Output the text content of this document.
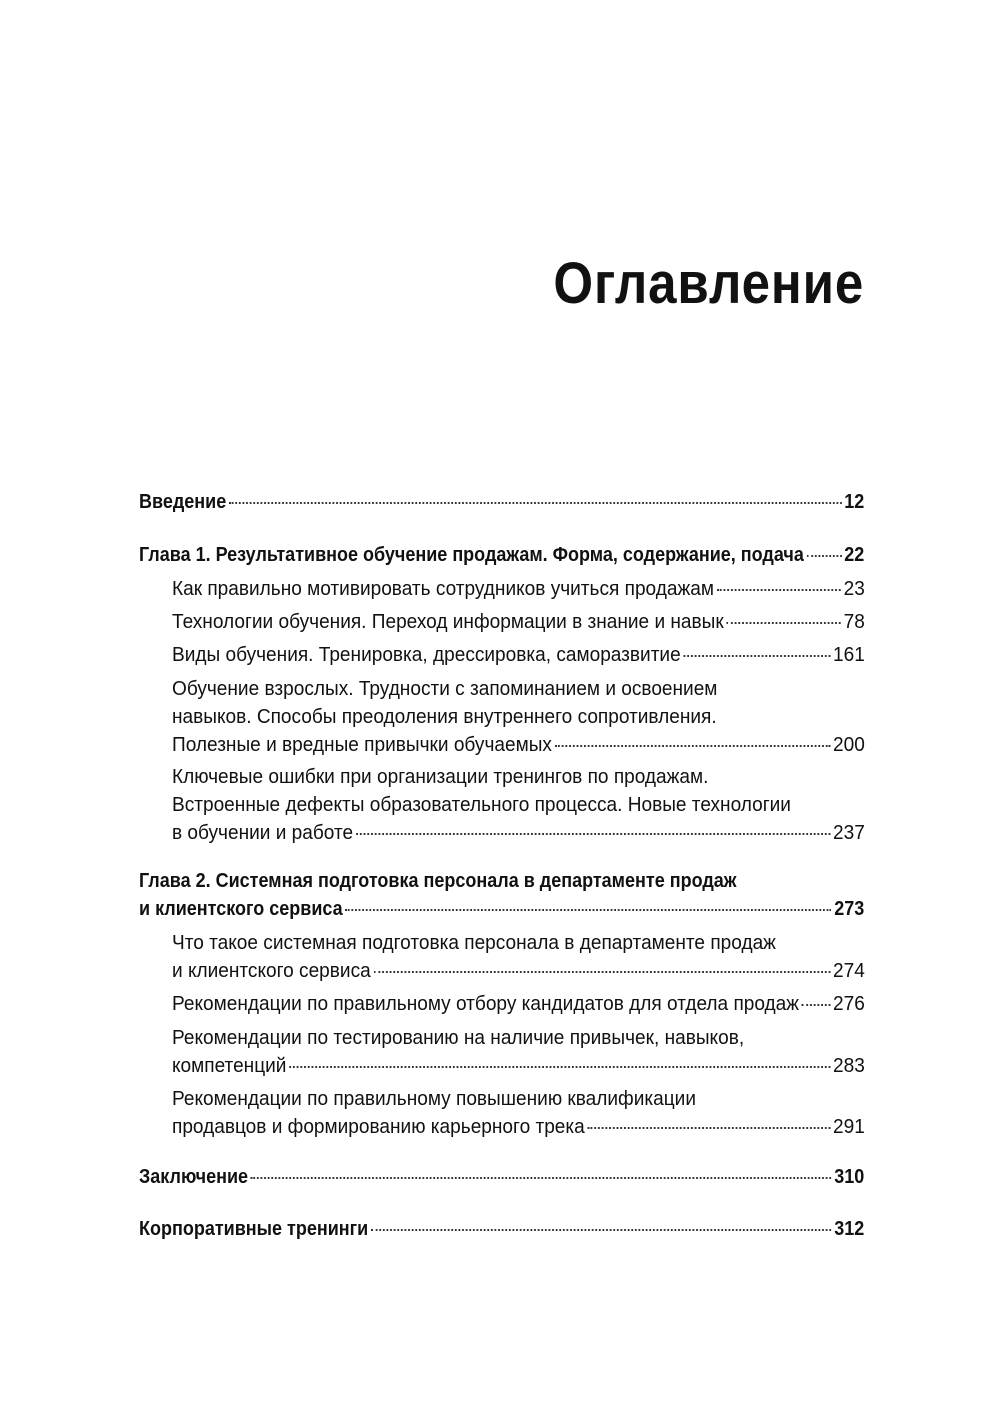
Оглавление
Введение	12
Глава 1. Результативное обучение продажам. Форма, содержание, подача 22
Как правильно мотивировать сотрудников учиться продажам	23
Технологии обучения. Переход информации в знание и навык	78
Виды обучения. Тренировка, дрессировка, саморазвитие	161
Обучение взрослых. Трудности с запоминанием и освоением
навыков. Способы преодоления внутреннего сопротивления.
Полезные и вредные привычки обучаемых	200
Ключевые ошибки при организации тренингов по продажам.
Встроенные дефекты образовательного процесса. Новые технологии
в обучении и работе	237
Глава 2. Системная подготовка персонала в департаменте продаж
и клиентского сервиса	273
Что такое системная подготовка персонала в департаменте продаж
и клиентского сервиса	274
Рекомендации по правильному отбору кандидатов для отдела продаж 276
Рекомендации по тестированию на наличие привычек, навыков,
компетенций	283
Рекомендации по правильному повышению квалификации
продавцов и формированию карьерного трека	291
Заключение	310
Корпоративные тренинги	312
